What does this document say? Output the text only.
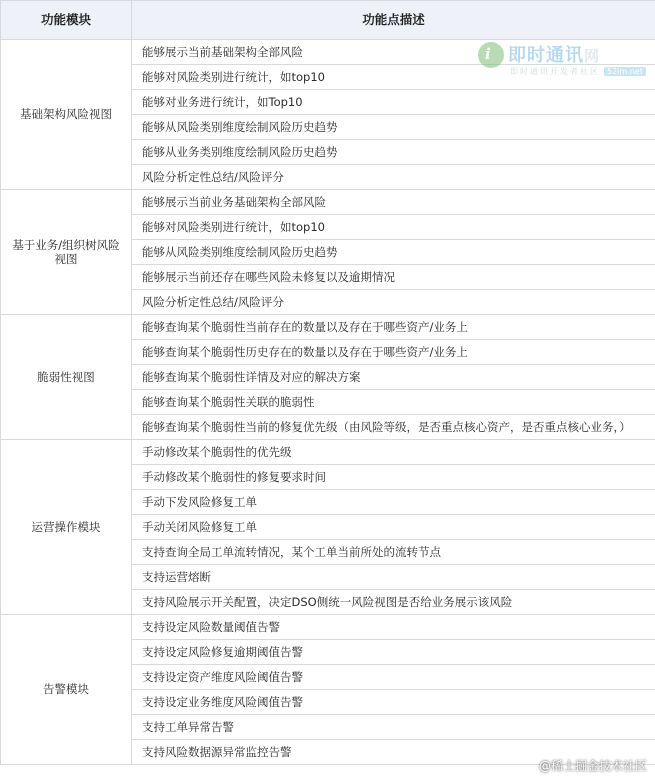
功能模块	功能点描述
基础架构风险视图	能够展示当前基础架构全部风险
	能够对风险类别进行统计，如top10
	能够对业务进行统计，如Top10
	能够从风险类别维度绘制风险历史趋势
	能够从业务类别维度绘制风险历史趋势
	风险分析定性总结/风险评分
基于业务/组织树风险视图	能够展示当前业务基础架构全部风险
	能够对风险类别进行统计，如top10
	能够从风险类别维度绘制风险历史趋势
	能够展示当前还存在哪些风险未修复以及逾期情况
	风险分析定性总结/风险评分
脆弱性视图	能够查询某个脆弱性当前存在的数量以及存在于哪些资产/业务上
	能够查询某个脆弱性历史存在的数量以及存在于哪些资产/业务上
	能够查询某个脆弱性详情及对应的解决方案
	能够查询某个脆弱性关联的脆弱性
	能够查询某个脆弱性当前的修复优先级（由风险等级，是否重点核心资产，是否重点核心业务，）
运营操作模块	手动修改某个脆弱性的优先级
	手动修改某个脆弱性的修复要求时间
	手动下发风险修复工单
	手动关闭风险修复工单
	支持查询全局工单流转情况，某个工单当前所处的流转节点
	支持运营熔断
	支持风险展示开关配置，决定DSO侧统一风险视图是否给业务展示该风险
告警模块	支持设定风险数量阈值告警
	支持设定风险修复逾期阈值告警
	支持设定资产维度风险阈值告警
	支持设定业务维度风险阈值告警
	支持工单异常告警
	支持风险数据源异常监控告警
i 即时通讯网
即时通讯开发者社区 52im.net
@稀土掘金技术社区
